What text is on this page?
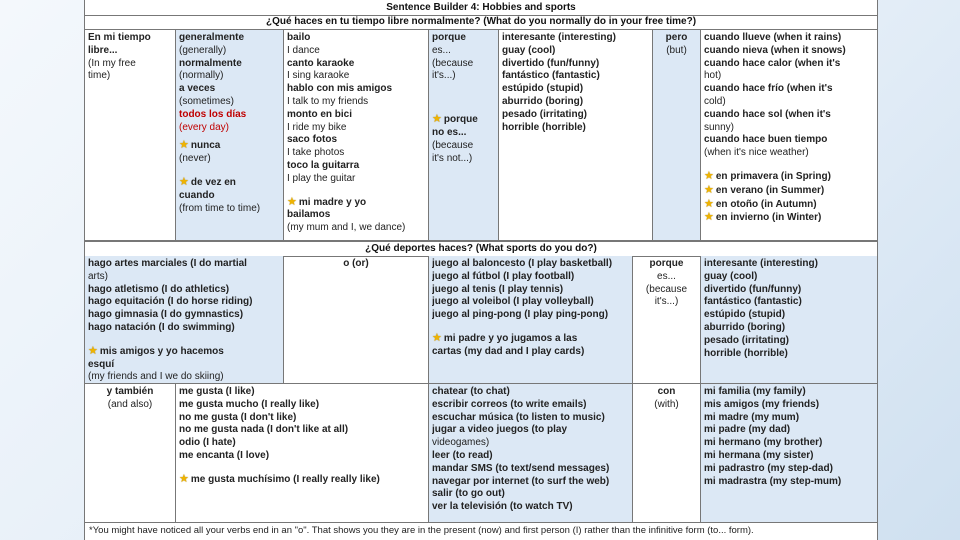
Sentence Builder 4: Hobbies and sports
¿Qué haces en tu tiempo libre normalmente? (What do you normally do in your free time?)
En mi tiempo
libre...
(In my free
time)
generalmente
(generally)
normalmente
(normally)
a veces
(sometimes)
todos los días
(every day)
★ nunca
(never)
★ de vez en
cuando
(from time to time)
bailo
I dance
canto karaoke
I sing karaoke
hablo con mis amigos
I talk to my friends
monto en bici
I ride my bike
saco fotos
I take photos
toco la guitarra
I play the guitar
★ mi madre y yo
bailamos
(my mum and I, we dance)
porque
es...
(because
it's...)
★ porque
no es...
(because
it's not...)
interesante (interesting)
guay (cool)
divertido (fun/funny)
fantástico (fantastic)
estúpido (stupid)
aburrido (boring)
pesado (irritating)
horrible (horrible)
pero
(but)
cuando llueve (when it rains)
cuando nieva (when it snows)
cuando hace calor (when it's
hot)
cuando hace frío (when it's
cold)
cuando hace sol (when it's
sunny)
cuando hace buen tiempo
(when it's nice weather)
★ en primavera (in Spring)
★ en verano (in Summer)
★ en otoño (in Autumn)
★ en invierno (in Winter)
¿Qué deportes haces? (What sports do you do?)
hago artes marciales (I do martial
arts)
hago atletismo (I do athletics)
hago equitación (I do horse riding)
hago gimnasia (I do gymnastics)
hago natación (I do swimming)
★ mis amigos y yo hacemos
esquí
(my friends and I we do skiing)
o (or)	juego al baloncesto (I play basketball)
juego al fútbol (I play football)
juego al tenis (I play tennis)
juego al voleibol (I play volleyball)
juego al ping-pong (I play ping-pong)
★ mi padre y yo jugamos a las
cartas (my dad and I play cards)
porque
es...
(because
it's...)
interesante (interesting)
guay (cool)
divertido (fun/funny)
fantástico (fantastic)
estúpido (stupid)
aburrido (boring)
pesado (irritating)
horrible (horrible)
y también
(and also)
me gusta (I like)
me gusta mucho (I really like)
no me gusta (I don't like)
no me gusta nada (I don't like at all)
odio (I hate)
me encanta (I love)
★ me gusta muchísimo (I really really like)
chatear (to chat)
escribir correos (to write emails)
escuchar música (to listen to music)
jugar a video juegos (to play
videogames)
leer (to read)
mandar SMS (to text/send messages)
navegar por internet (to surf the web)
salir (to go out)
ver la televisión (to watch TV)
con
(with)
mi familia (my family)
mis amigos (my friends)
mi madre (my mum)
mi padre (my dad)
mi hermano (my brother)
mi hermana (my sister)
mi padrastro (my step-dad)
mi madrastra (my step-mum)
*You might have noticed all your verbs end in an "o". That shows you they are in the present (now) and first person (I) rather than the infinitive form (to... form).
